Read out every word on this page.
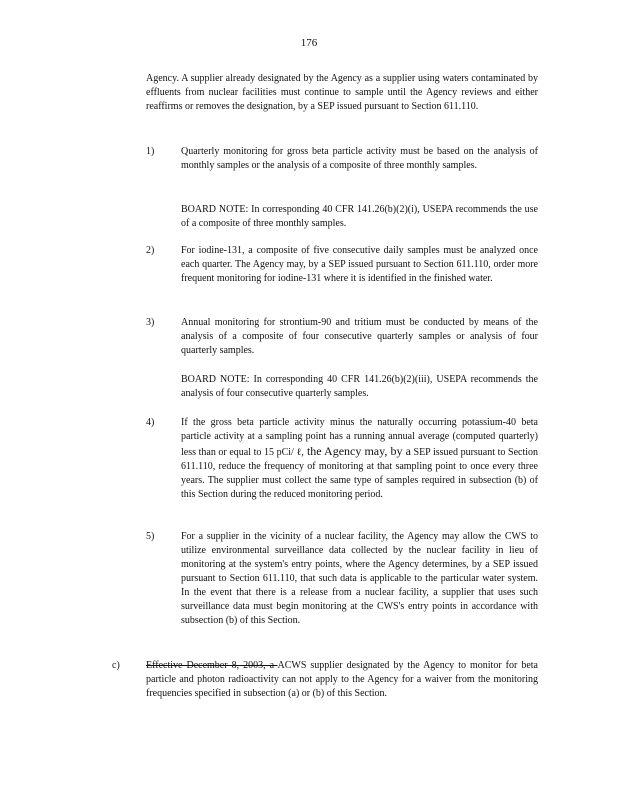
176
Agency. A supplier already designated by the Agency as a supplier using waters contaminated by effluents from nuclear facilities must continue to sample until the Agency reviews and either reaffirms or removes the designation, by a SEP issued pursuant to Section 611.110.
1)	Quarterly monitoring for gross beta particle activity must be based on the analysis of monthly samples or the analysis of a composite of three monthly samples.
BOARD NOTE: In corresponding 40 CFR 141.26(b)(2)(i), USEPA recommends the use of a composite of three monthly samples.
2)	For iodine-131, a composite of five consecutive daily samples must be analyzed once each quarter. The Agency may, by a SEP issued pursuant to Section 611.110, order more frequent monitoring for iodine-131 where it is identified in the finished water.
3)	Annual monitoring for strontium-90 and tritium must be conducted by means of the analysis of a composite of four consecutive quarterly samples or analysis of four quarterly samples.
BOARD NOTE: In corresponding 40 CFR 141.26(b)(2)(iii), USEPA recommends the analysis of four consecutive quarterly samples.
4)	If the gross beta particle activity minus the naturally occurring potassium-40 beta particle activity at a sampling point has a running annual average (computed quarterly) less than or equal to 15 pCi/ ℓ, the Agency may, by a SEP issued pursuant to Section 611.110, reduce the frequency of monitoring at that sampling point to once every three years. The supplier must collect the same type of samples required in subsection (b) of this Section during the reduced monitoring period.
5)	For a supplier in the vicinity of a nuclear facility, the Agency may allow the CWS to utilize environmental surveillance data collected by the nuclear facility in lieu of monitoring at the system's entry points, where the Agency determines, by a SEP issued pursuant to Section 611.110, that such data is applicable to the particular water system. In the event that there is a release from a nuclear facility, a supplier that uses such surveillance data must begin monitoring at the CWS's entry points in accordance with subsection (b) of this Section.
c)	Effective December 8, 2003, a ACWS supplier designated by the Agency to monitor for beta particle and photon radioactivity can not apply to the Agency for a waiver from the monitoring frequencies specified in subsection (a) or (b) of this Section.
